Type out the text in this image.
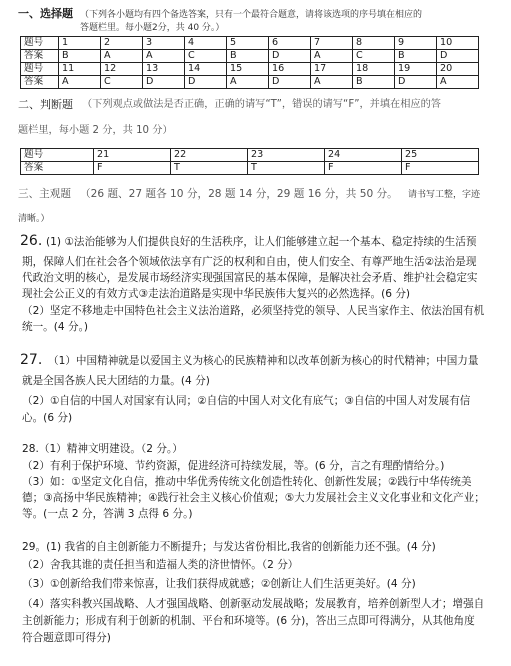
一、选择题 （下列各小题均有四个备选答案，只有一个最符合题意，请将该选项的序号填在相应的
答题栏里。每小题2分，共 40 分。）
题号	1	2	3	4	5	6	7	8	9	10
答案	B	A	A	C	B	D	A	C	B	D
题号	11	12	13	14	15	16	17	18	19	20
答案	A	C	D	D	A	D	A	B	D	A
二、判断题 （下列观点或做法是否正确，正确的请写“T”，错误的请写“F”，并填在相应的答
题栏里，每小题 2 分，共 10 分）
题号	21	22	23	24	25
答案	F	T	T	F	F
三、主观题 （26 题、27 题各 10 分，28 题 14 分，29 题 16 分，共 50 分。 请书写工整，字迹
清晰。）
26. (1) ①法治能够为人们提供良好的生活秩序，让人们能够建立起一个基本、稳定持续的生活预
期，保障人们在社会各个领域依法享有广泛的权利和自由，使人们安全、有尊严地生活②法治是现
代政治文明的核心，是发展市场经济实现强国富民的基本保障，是解决社会矛盾、维护社会稳定实
现社会公正义的有效方式③走法治道路是实现中华民族伟大复兴的必然选择。(6 分)
（2）坚定不移地走中国特色社会主义法治道路，必须坚持党的领导、人民当家作主、依法治国有机
统一。(4 分。)
27. （1）中国精神就是以爱国主义为核心的民族精神和以改革创新为核心的时代精神；中国力量
就是全国各族人民大团结的力量。(4 分)
（2）①自信的中国人对国家有认同；②自信的中国人对文化有底气；③自信的中国人对发展有信
心。(6 分)
28.（1）精神文明建设。（2 分。）
（2）有利于保护环境、节约资源，促进经济可持续发展，等。(6 分，言之有理酌情给分。)
（3）如：①坚定文化自信，推动中华优秀传统文化创造性转化、创新性发展；②践行中华传统美
德；③高扬中华民族精神；④践行社会主义核心价值观；⑤大力发展社会主义文化事业和文化产业；
等。(一点 2 分，答满 3 点得 6 分。)
29。(1) 我省的自主创新能力不断提升；与发达省份相比,我省的创新能力还不强。(4 分)
（2）舍我其谁的责任担当和造福人类的济世情怀。（2 分）
（3）①创新给我们带来惊喜，让我们获得成就感；②创新让人们生活更美好。(4 分)
（4）落实科教兴国战略、人才强国战略、创新驱动发展战略；发展教育，培养创新型人才；增强自
主创新能力；形成有利于创新的机制、平台和环境等。(6 分)，答出三点即可得满分，从其他角度
符合题意即可得分)
